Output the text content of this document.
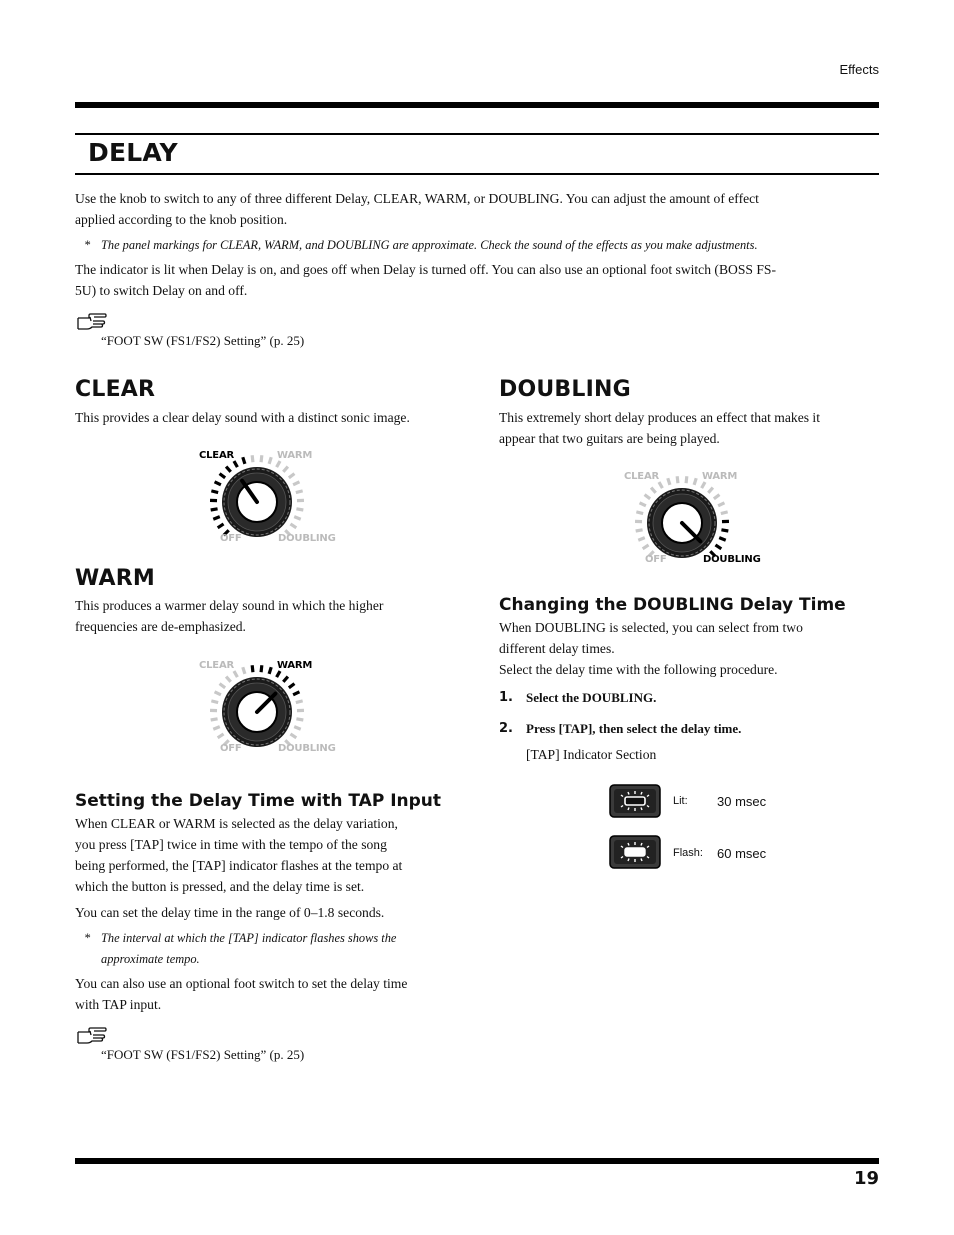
Effects
DELAY
Use the knob to switch to any of three different Delay, CLEAR, WARM, or DOUBLING. You can adjust the amount of effect
applied according to the knob position.
* The panel markings for CLEAR, WARM, and DOUBLING are approximate. Check the sound of the effects as you make adjustments.
The indicator is lit when Delay is on, and goes off when Delay is turned off. You can also use an optional foot switch (BOSS FS-
5U) to switch Delay on and off.
“FOOT SW (FS1/FS2) Setting” (p. 25)
CLEAR
This provides a clear delay sound with a distinct sonic image.
CLEAR	WARM
OFF	DOUBLING
WARM
This produces a warmer delay sound in which the higher
frequencies are de-emphasized.
CLEAR	WARM
OFF	DOUBLING
Setting the Delay Time with TAP Input
When CLEAR or WARM is selected as the delay variation,
you press [TAP] twice in time with the tempo of the song
being performed, the [TAP] indicator flashes at the tempo at
which the button is pressed, and the delay time is set.
You can set the delay time in the range of 0–1.8 seconds.
* The interval at which the [TAP] indicator flashes shows the
approximate tempo.
You can also use an optional foot switch to set the delay time
with TAP input.
“FOOT SW (FS1/FS2) Setting” (p. 25)
DOUBLING
This extremely short delay produces an effect that makes it
appear that two guitars are being played.
CLEAR	WARM
OFF	DOUBLING
Changing the DOUBLING Delay Time
When DOUBLING is selected, you can select from two
different delay times.
Select the delay time with the following procedure.
1. Select the DOUBLING.
2. Press [TAP], then select the delay time.
[TAP] Indicator Section
Lit: 30 msec
Flash: 60 msec
19
